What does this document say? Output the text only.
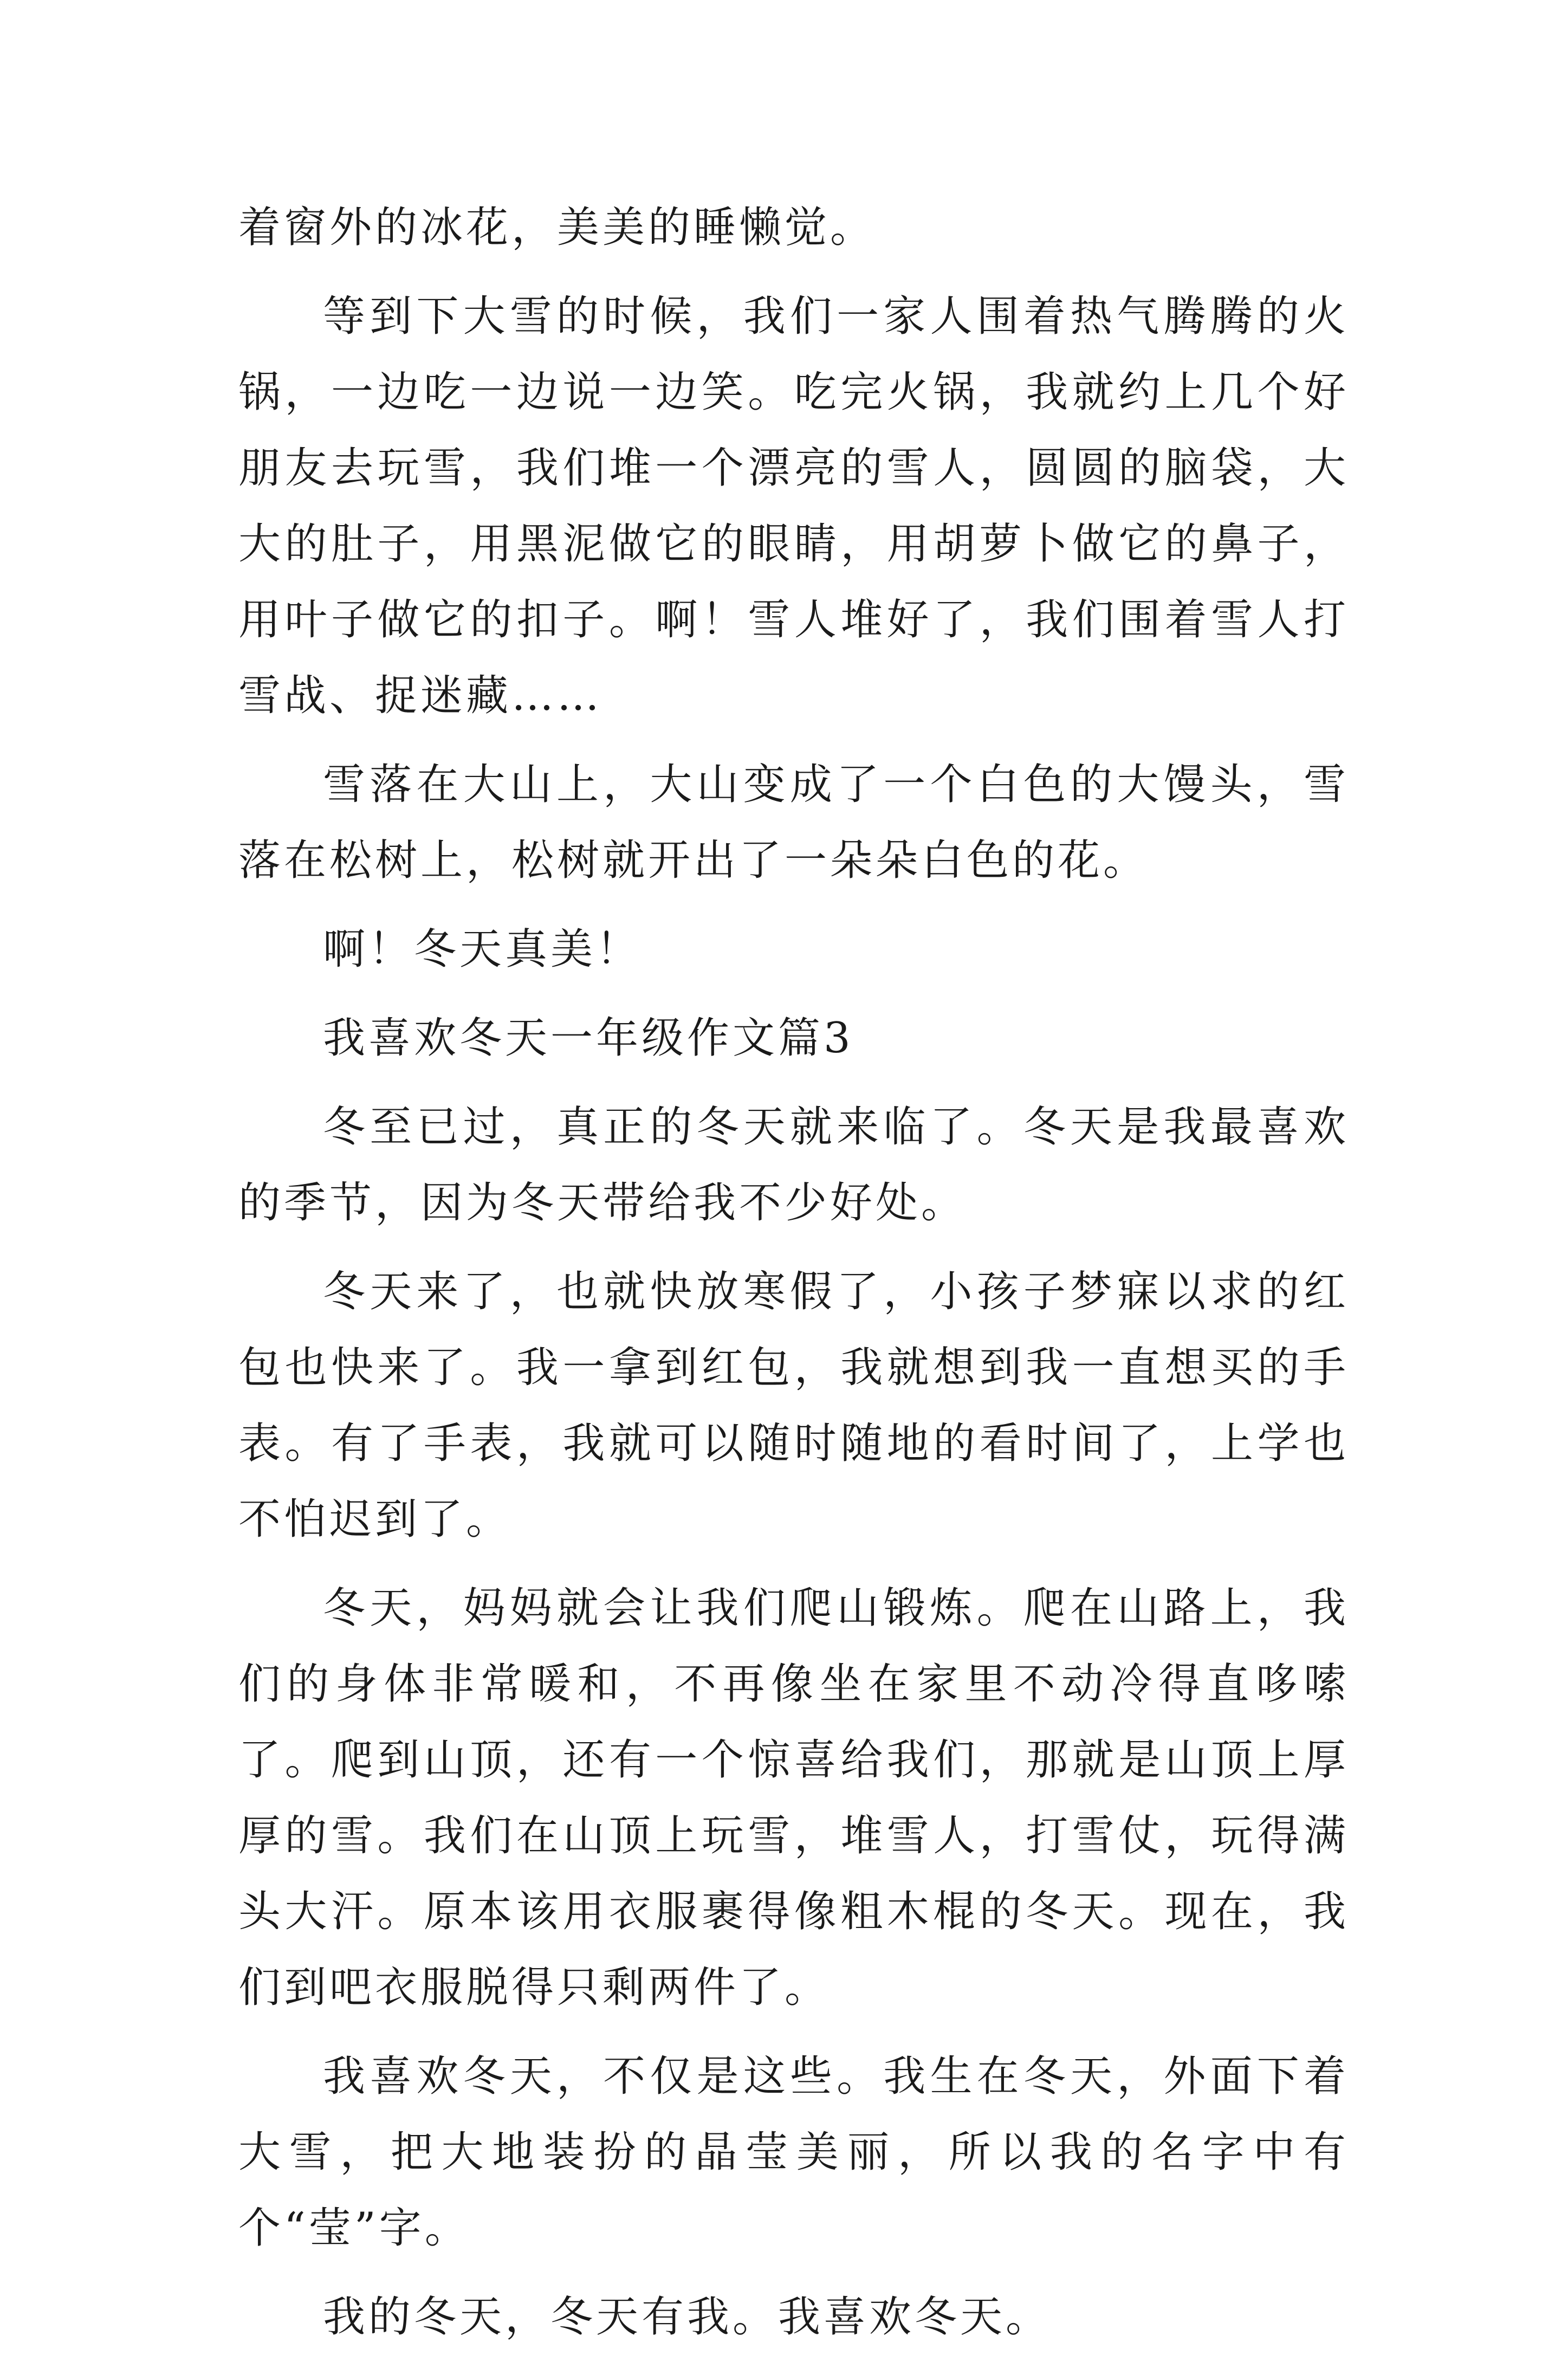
着窗外的冰花，美美的睡懒觉。

等到下大雪的时候，我们一家人围着热气腾腾的火锅，一边吃一边说一边笑。吃完火锅，我就约上几个好朋友去玩雪，我们堆一个漂亮的雪人，圆圆的脑袋，大大的肚子，用黑泥做它的眼睛，用胡萝卜做它的鼻子，用叶子做它的扣子。啊！雪人堆好了，我们围着雪人打雪战、捉迷藏……

雪落在大山上，大山变成了一个白色的大馒头，雪落在松树上，松树就开出了一朵朵白色的花。

啊！冬天真美！

我喜欢冬天一年级作文篇3

冬至已过，真正的冬天就来临了。冬天是我最喜欢的季节，因为冬天带给我不少好处。

冬天来了，也就快放寒假了，小孩子梦寐以求的红包也快来了。我一拿到红包，我就想到我一直想买的手表。有了手表，我就可以随时随地的看时间了，上学也不怕迟到了。

冬天，妈妈就会让我们爬山锻炼。爬在山路上，我们的身体非常暖和，不再像坐在家里不动冷得直哆嗦了。爬到山顶，还有一个惊喜给我们，那就是山顶上厚厚的雪。我们在山顶上玩雪，堆雪人，打雪仗，玩得满头大汗。原本该用衣服裹得像粗木棍的冬天。现在，我们到吧衣服脱得只剩两件了。

我喜欢冬天，不仅是这些。我生在冬天，外面下着大雪，把大地装扮的晶莹美丽，所以我的名字中有个“莹”字。

我的冬天，冬天有我。我喜欢冬天。
